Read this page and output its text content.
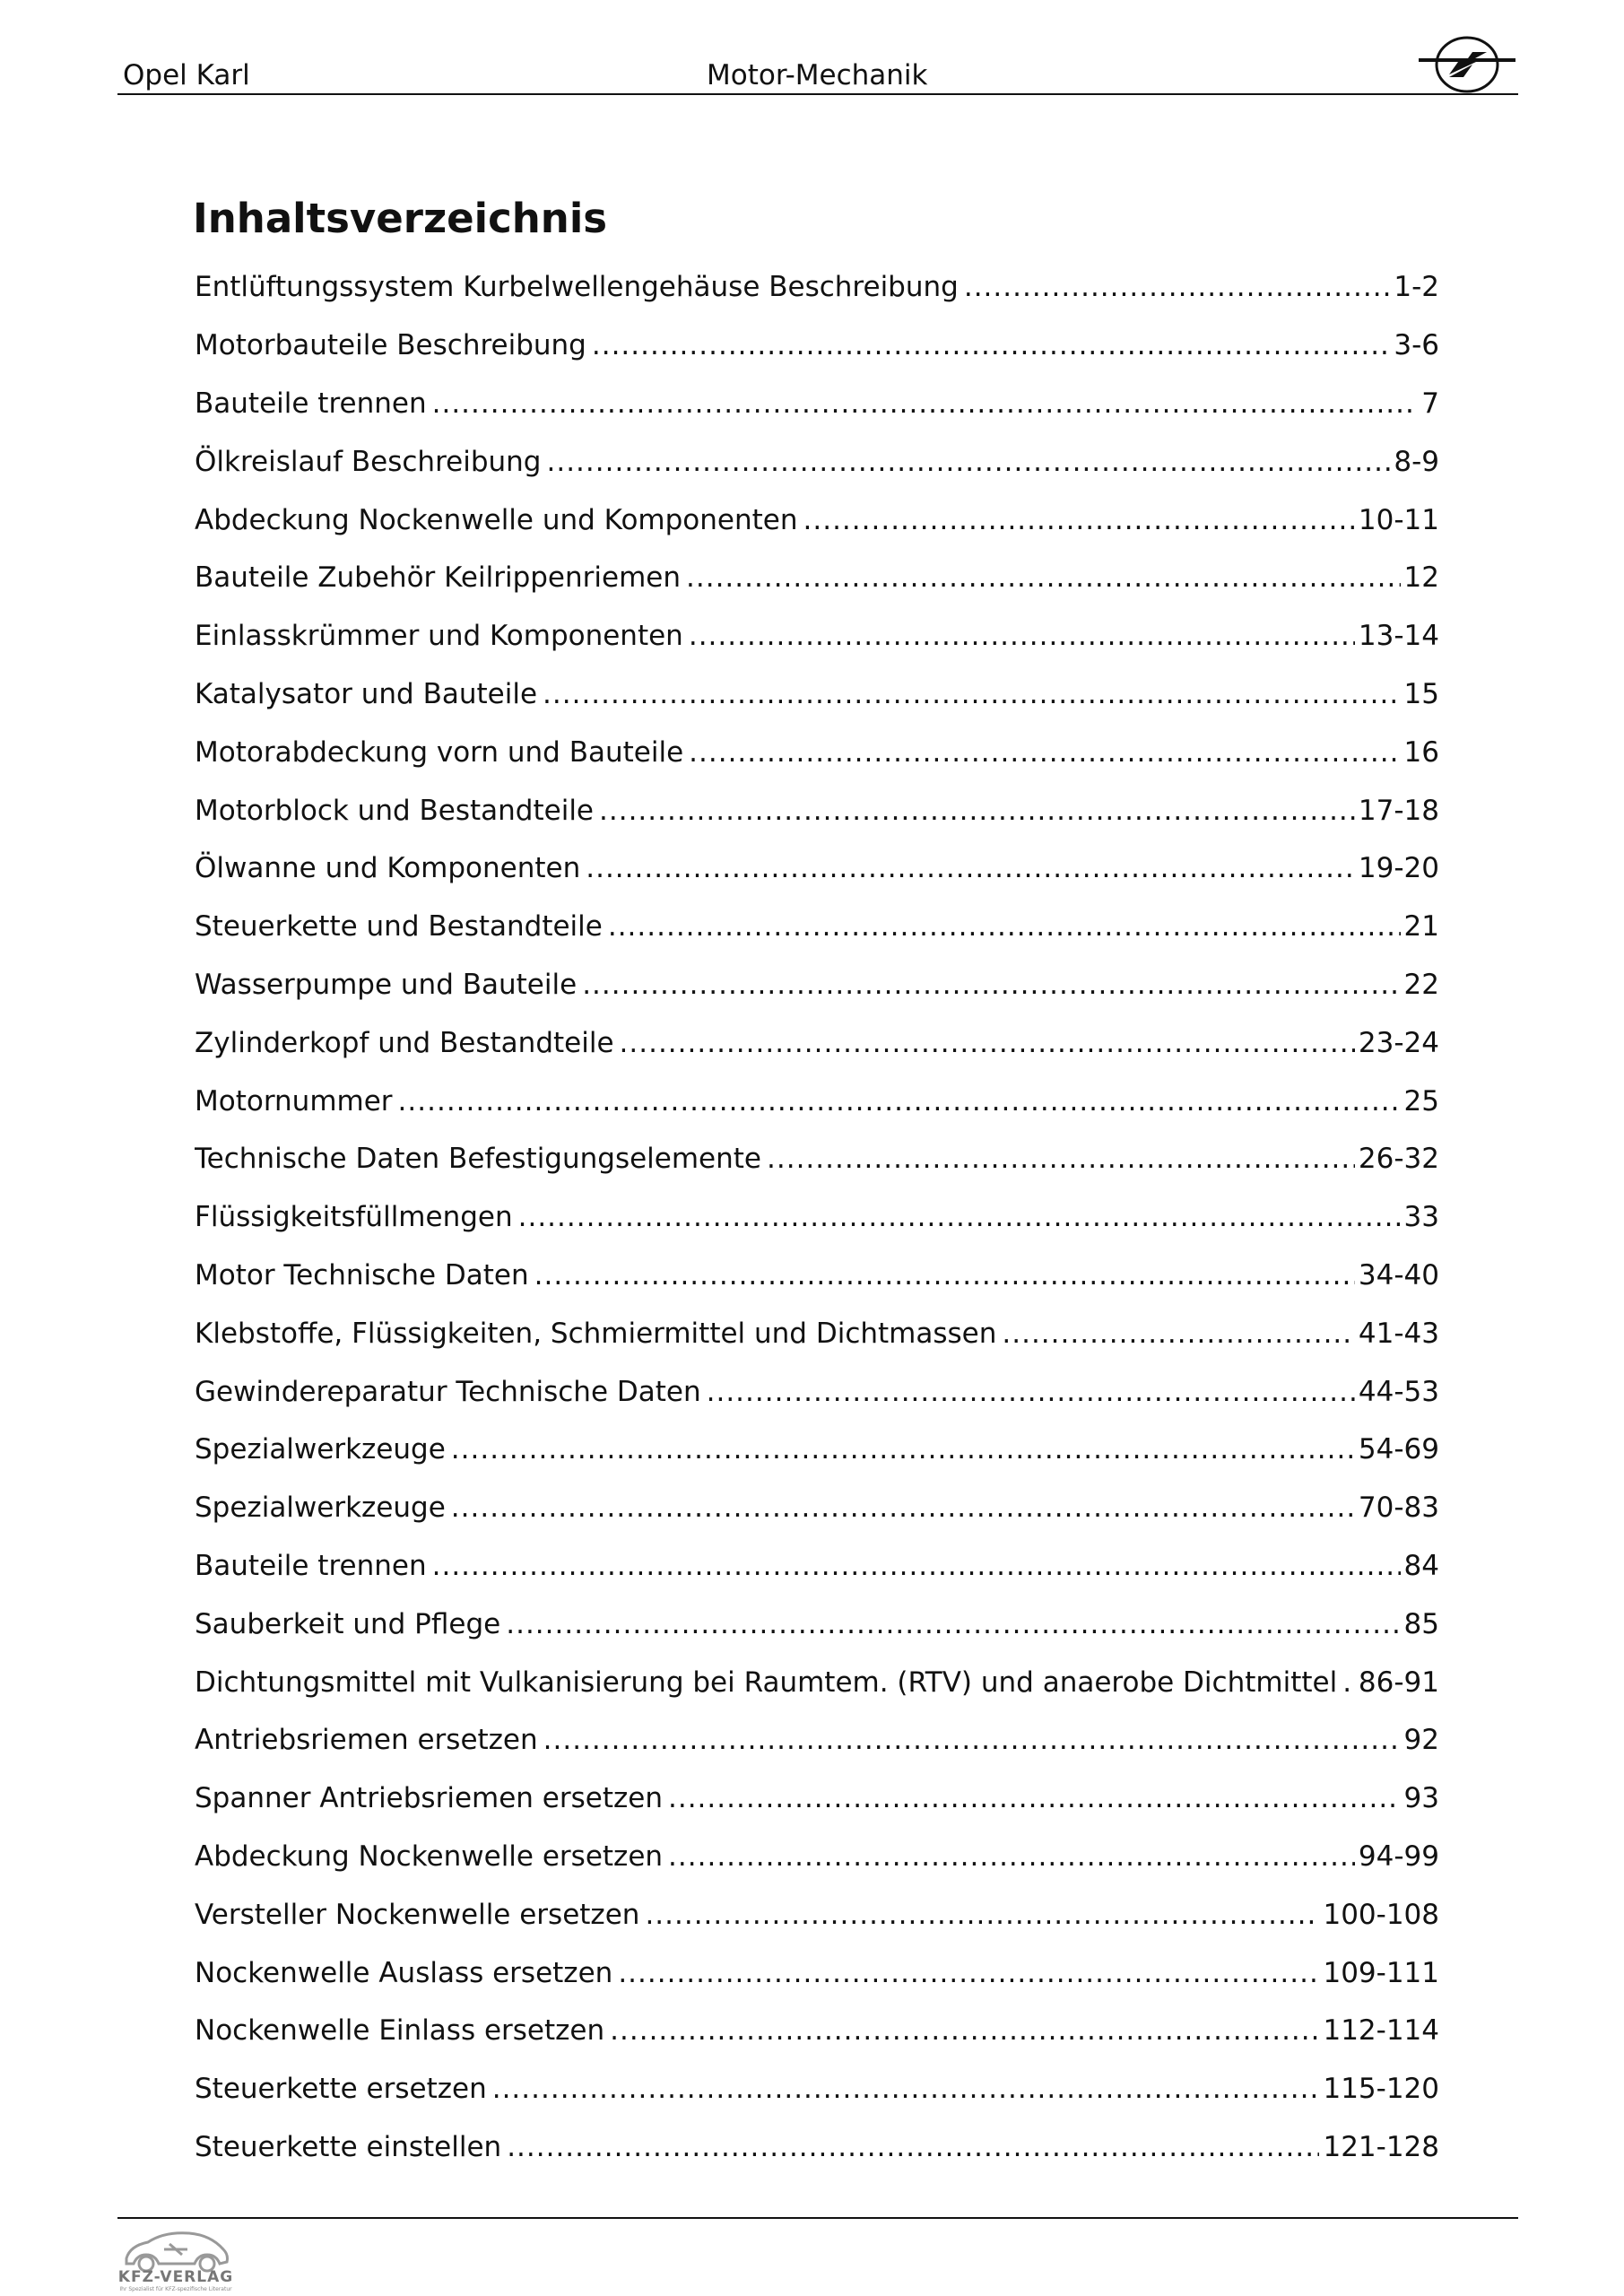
Opel Karl	Motor-Mechanik
Inhaltsverzeichnis
Entlüftungssystem Kurbelwellengehäuse Beschreibung .....	1-2
Motorbauteile Beschreibung .....	3-6
Bauteile trennen .....	7
Ölkreislauf Beschreibung .....	8-9
Abdeckung Nockenwelle und Komponenten .....	10-11
Bauteile Zubehör Keilrippenriemen .....	12
Einlasskrümmer und Komponenten .....	13-14
Katalysator und Bauteile .....	15
Motorabdeckung vorn und Bauteile .....	16
Motorblock und Bestandteile .....	17-18
Ölwanne und Komponenten .....	19-20
Steuerkette und Bestandteile .....	21
Wasserpumpe und Bauteile .....	22
Zylinderkopf und Bestandteile .....	23-24
Motornummer .....	25
Technische Daten Befestigungselemente .....	26-32
Flüssigkeitsfüllmengen .....	33
Motor Technische Daten .....	34-40
Klebstoffe, Flüssigkeiten, Schmiermittel und Dichtmassen .....	41-43
Gewindereparatur Technische Daten .....	44-53
Spezialwerkzeuge .....	54-69
Spezialwerkzeuge .....	70-83
Bauteile trennen .....	84
Sauberkeit und Pflege .....	85
Dichtungsmittel mit Vulkanisierung bei Raumtem. (RTV) und anaerobe Dichtmittel ..... 86-91
Antriebsriemen ersetzen .....	92
Spanner Antriebsriemen ersetzen .....	93
Abdeckung Nockenwelle ersetzen .....	94-99
Versteller Nockenwelle ersetzen .....	100-108
Nockenwelle Auslass ersetzen .....	109-111
Nockenwelle Einlass ersetzen .....	112-114
Steuerkette ersetzen .....	115-120
Steuerkette einstellen .....	121-128
KFZ-VERLAG
Ihr Spezialist für KFZ-spezifische Literatur
